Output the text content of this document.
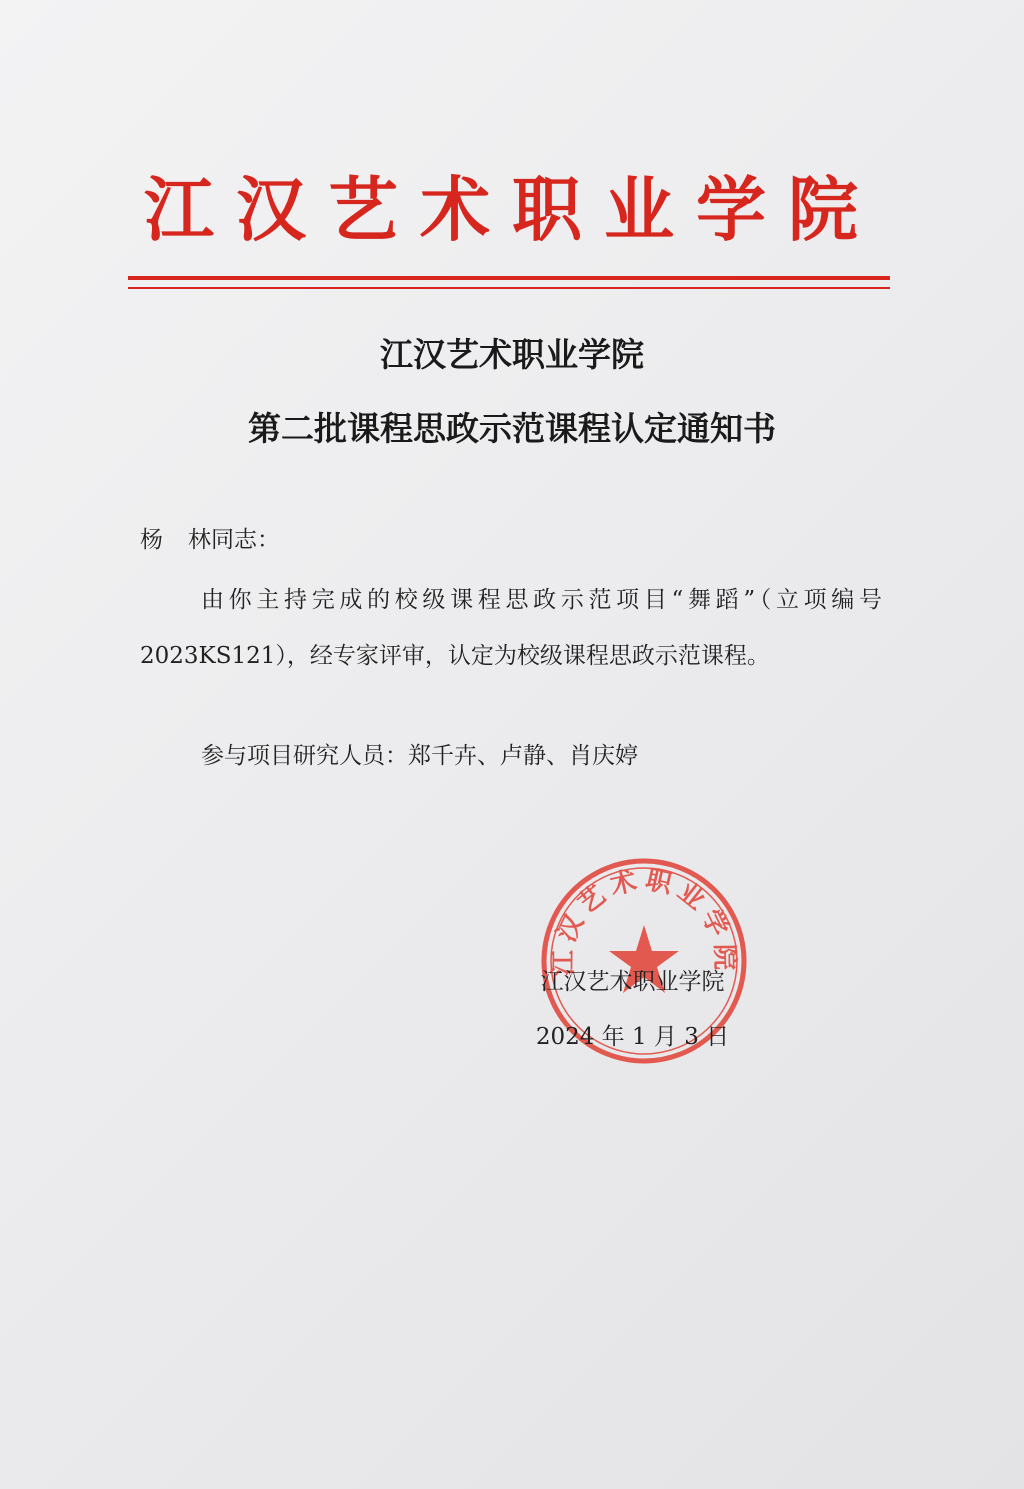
江汉艺术职业学院
江汉艺术职业学院
第二批课程思政示范课程认定通知书
杨 林同志：
由你主持完成的校级课程思政示范项目“舞蹈”（立项编号 2023KS121），经专家评审，认定为校级课程思政示范课程。
参与项目研究人员：郑千卉、卢静、肖庆婷
江汉艺术职业学院
江汉艺术职业学院
2024 年 1 月 3 日
